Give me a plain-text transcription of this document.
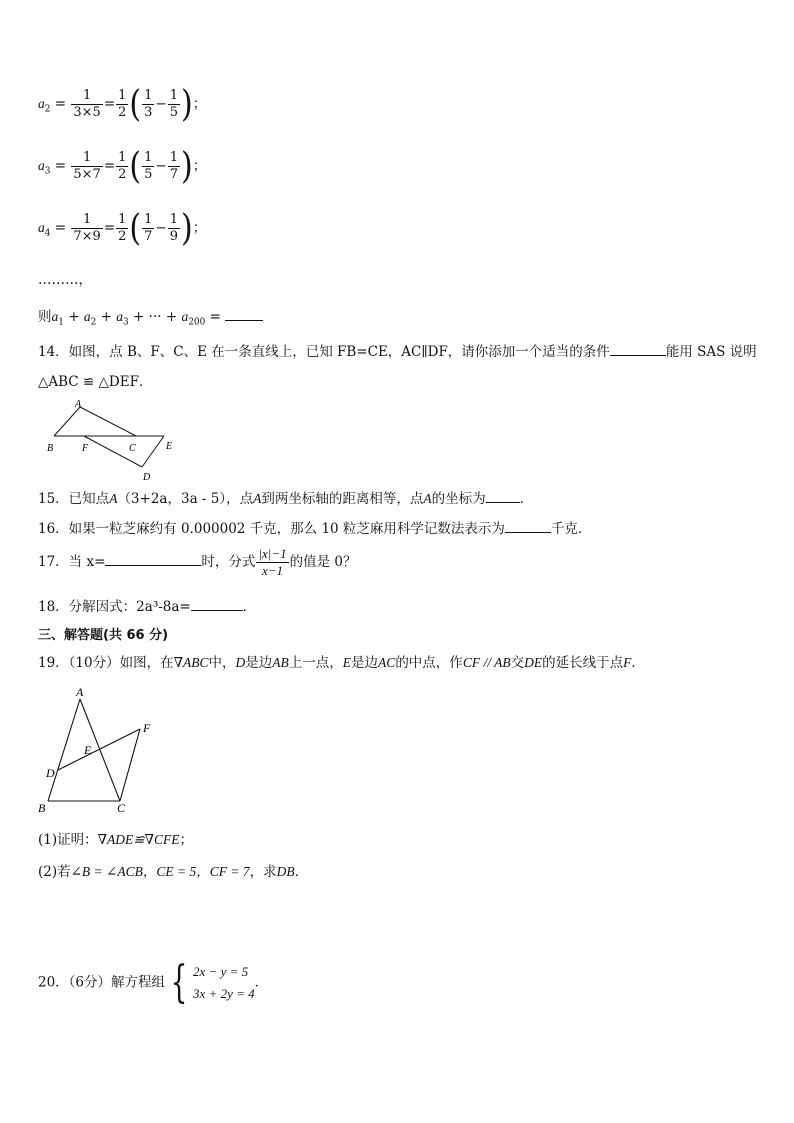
$a_2 = \frac{1}{3\times 5} = \frac{1}{2}$ ( $\frac{1}{3} - \frac{1}{5}$ )；
$a_3 = \frac{1}{5\times 7} = \frac{1}{2}$ ( $\frac{1}{5} - \frac{1}{7}$ )；
$a_4 = \frac{1}{7\times 9} = \frac{1}{2}$ ( $\frac{1}{7} - \frac{1}{9}$ )；
………，
则$a_1 + a_2 + a_3$ + ··· + $a_{200}$ =
14．如图，点 B、F、C、E 在一条直线上，已知 FB=CE，AC∥DF，请你添加一个适当的条件	能用 SAS 说明
△ABC ≌ △DEF．
A
B	F	C	E
D
15．已知点A（3+2a，3a - 5），点A到两坐标轴的距离相等，点A的坐标为	．
16．如果一粒芝麻约有 0.000002 千克，那么 10 粒芝麻用科学记数法表示为	千克．
17．当 x=	时，分式 $\frac{|x|-1}{x-1}$ 的值是 0？
18．分解因式：2a³-8a=	．
三、解答题(共 66 分)
19．（10分）如图，在∇ABC中，D是边AB上一点，E是边AC的中点，作CF // AB交DE的延长线于点F．
A
E
F
D
B	C
(1)证明：∇ADE≌∇CFE；
(2)若∠B = ∠ACB，CE = 5，CF = 7，求DB．
20．（6分）解方程组 { 2x − y = 5
3x + 2y = 4
．
